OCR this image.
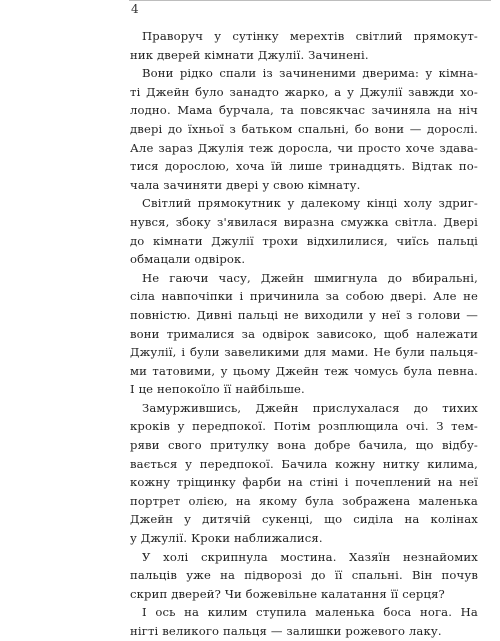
4
Праворуч у сутінку мерехтів світлий прямокут-
ник дверей кімнати Джулії. Зачинені.
Вони рідко спали із зачиненими дверима: у кімна-
ті Джейн було занадто жарко, а у Джулії завжди хо-
лодно. Мама бурчала, та повсякчас зачиняла на ніч
двері до їхньої з батьком спальні, бо вони — дорослі.
Але зараз Джулія теж доросла, чи просто хоче здава-
тися дорослою, хоча їй лише тринадцять. Відтак по-
чала зачиняти двері у свою кімнату.
Світлий прямокутник у далекому кінці холу здриг-
нувся, збоку з'явилася виразна смужка світла. Двері
до кімнати Джулії трохи відхилилися, чиїсь пальці
обмацали одвірок.
Не гаючи часу, Джейн шмигнула до вбиральні,
сіла навпочіпки і причинила за собою двері. Але не
повністю. Дивні пальці не виходили у неї з голови —
вони трималися за одвірок зависоко, щоб належати
Джулії, і були завеликими для мами. Не були пальця-
ми татовими, у цьому Джейн теж чомусь була певна.
І це непокоїло її найбільше.
Замуржившись, Джейн прислухалася до тихих
кроків у передпокої. Потім розплющила очі. З тем-
ряви свого притулку вона добре бачила, що відбу-
вається у передпокої. Бачила кожну нитку килима,
кожну тріщинку фарби на стіні і почеплений на неї
портрет олією, на якому була зображена маленька
Джейн у дитячій сукенці, що сиділа на колінах
у Джулії. Кроки наближалися.
У холі скрипнула мостина. Хазяїн незнайомих
пальців уже на підворозі до її спальні. Він почув
скрип дверей? Чи божевільне калатання її серця?
І ось на килим ступила маленька боса нога. На
нігті великого пальця — залишки рожевого лаку.
